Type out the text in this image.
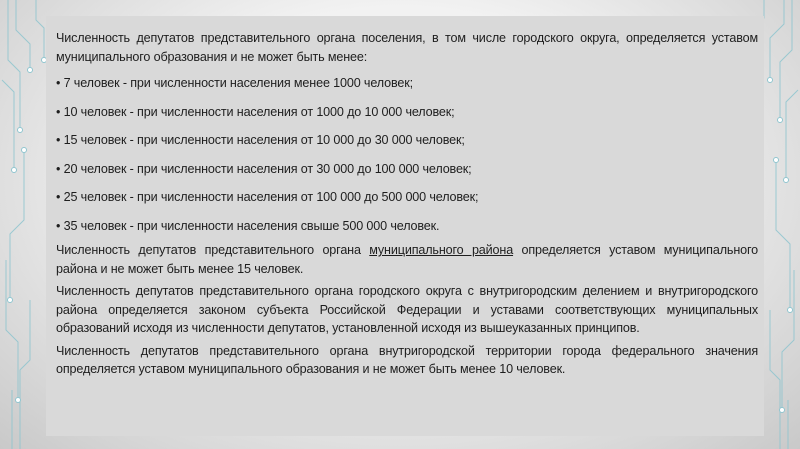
Численность депутатов представительного органа поселения, в том числе городского округа, определяется уставом муниципального образования и не может быть менее:

• 7 человек - при численности населения менее 1000 человек;

• 10 человек - при численности населения от 1000 до 10 000 человек;

• 15 человек - при численности населения от 10 000 до 30 000 человек;

• 20 человек - при численности населения от 30 000 до 100 000 человек;

• 25 человек - при численности населения от 100 000 до 500 000 человек;

• 35 человек - при численности населения свыше 500 000 человек.

Численность депутатов представительного органа муниципального района определяется уставом муниципального района и не может быть менее 15 человек.

Численность депутатов представительного органа городского округа с внутригородским делением и внутригородского района определяется законом субъекта Российской Федерации и уставами соответствующих муниципальных образований исходя из численности депутатов, установленной исходя из вышеуказанных принципов.

Численность депутатов представительного органа внутригородской территории города федерального значения определяется уставом муниципального образования и не может быть менее 10 человек.
